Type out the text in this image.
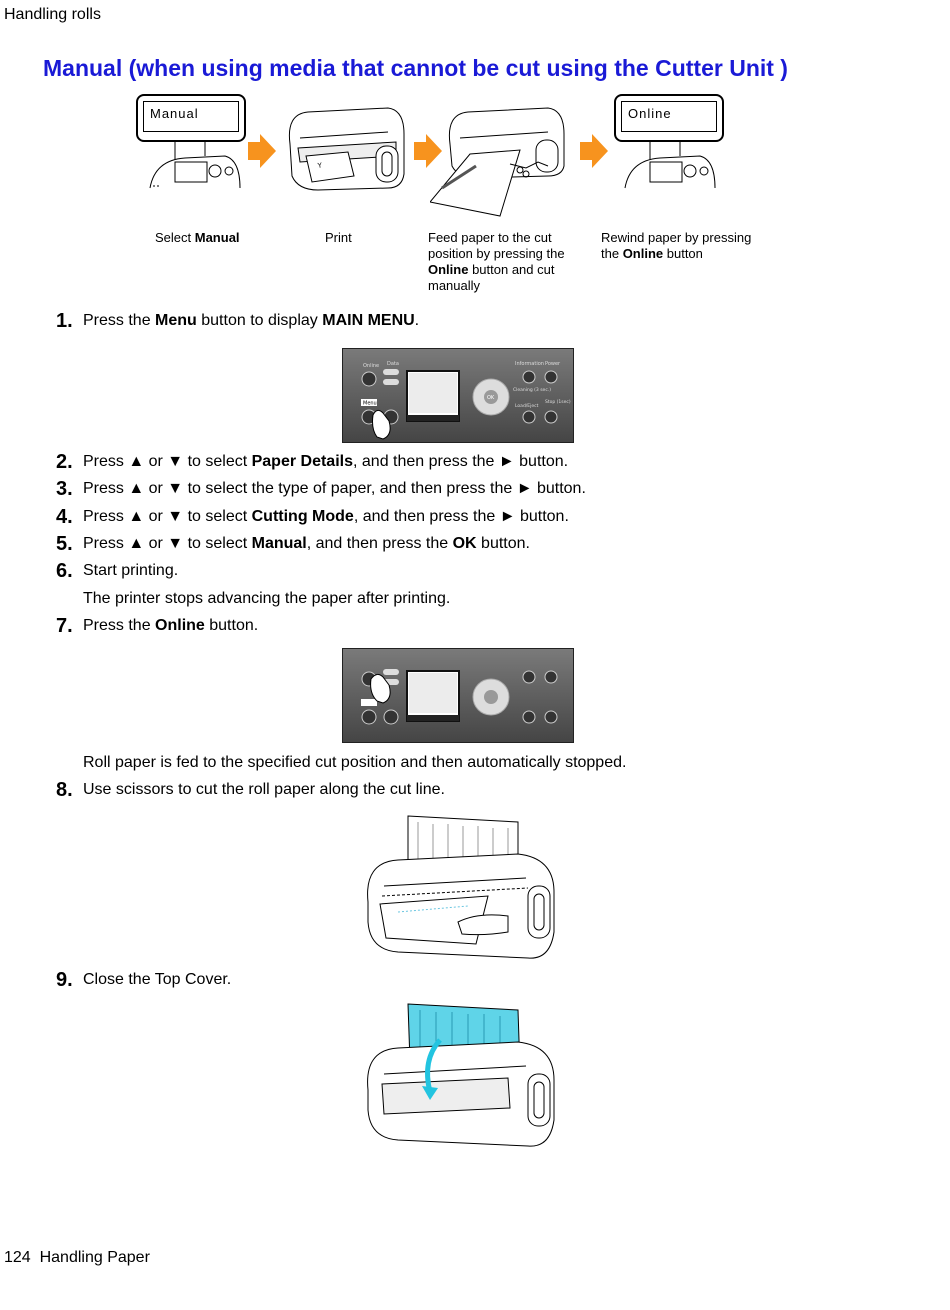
Handling rolls
Manual (when using media that cannot be cut using the Cutter Unit )
Manual
Y
Online
Select Manual	Print	Feed paper to the cut position by pressing the Online button and cut manually
Rewind paper by pressing the Online button
1. Press the Menu button to display MAIN MENU.
Online Data
Menu
OK
Information Power
Cleaning (3 sec.)
Load/Eject
Stop (1sec)
2. Press ▲ or ▼ to select Paper Details, and then press the ► button.
3. Press ▲ or ▼ to select the type of paper, and then press the ► button.
4. Press ▲ or ▼ to select Cutting Mode, and then press the ► button.
5. Press ▲ or ▼ to select Manual, and then press the OK button.
6. Start printing.
The printer stops advancing the paper after printing.
7. Press the Online button.
Roll paper is fed to the specified cut position and then automatically stopped.
8. Use scissors to cut the roll paper along the cut line.
9. Close the Top Cover.
124 Handling Paper
